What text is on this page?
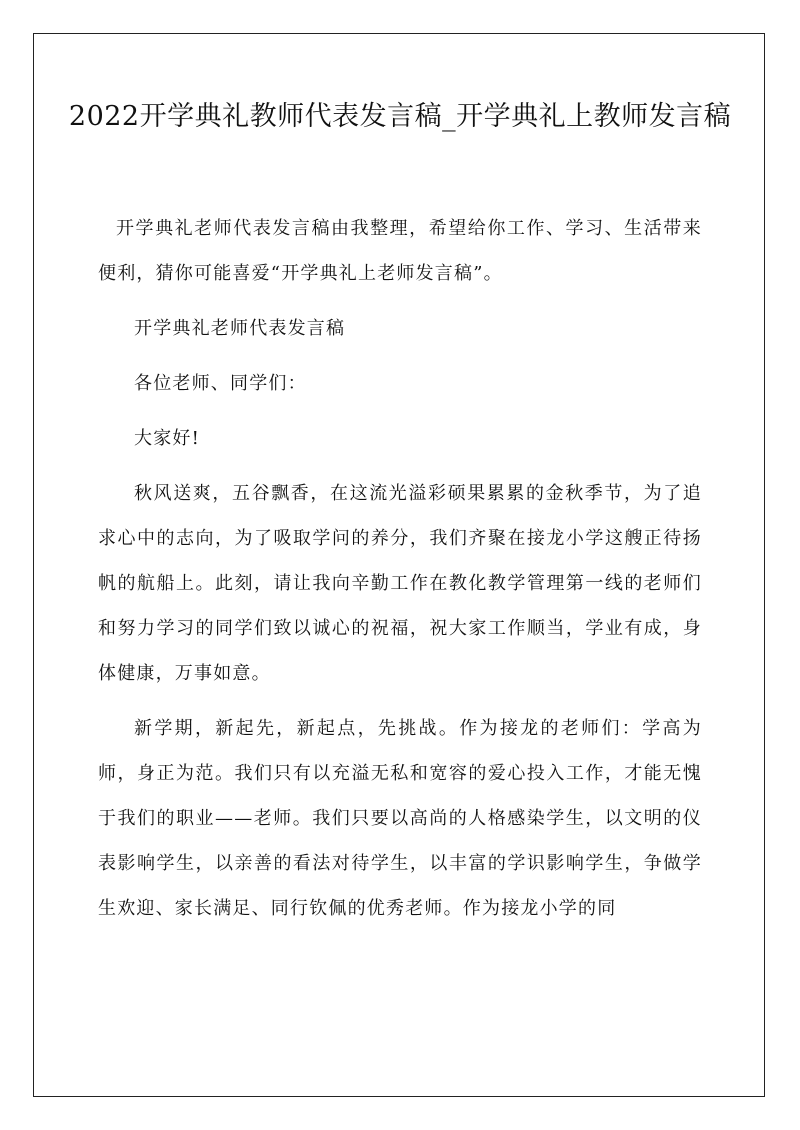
2022开学典礼教师代表发言稿_开学典礼上教师发言稿

开学典礼老师代表发言稿由我整理，希望给你工作、学习、生活带来便利，猜你可能喜爱“开学典礼上老师发言稿”。

开学典礼老师代表发言稿

各位老师、同学们：

大家好!

秋风送爽，五谷飘香，在这流光溢彩硕果累累的金秋季节，为了追求心中的志向，为了吸取学问的养分，我们齐聚在接龙小学这艘正待扬帆的航船上。此刻，请让我向辛勤工作在教化教学管理第一线的老师们和努力学习的同学们致以诚心的祝福，祝大家工作顺当，学业有成，身体健康，万事如意。

新学期，新起先，新起点，先挑战。作为接龙的老师们：学高为师，身正为范。我们只有以充溢无私和宽容的爱心投入工作，才能无愧于我们的职业——老师。我们只要以高尚的人格感染学生，以文明的仪表影响学生，以亲善的看法对待学生，以丰富的学识影响学生，争做学生欢迎、家长满足、同行钦佩的优秀老师。作为接龙小学的同
